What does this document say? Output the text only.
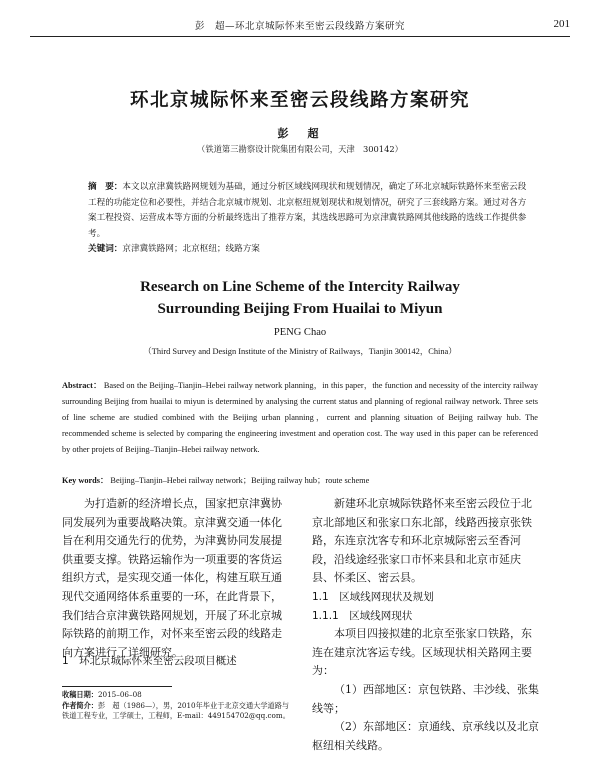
彭　超—环北京城际怀来至密云段线路方案研究	201
环北京城际怀来至密云段线路方案研究
彭　超
（铁道第三勘察设计院集团有限公司，天津　300142）
摘　要：本文以京津冀铁路网规划为基础，通过分析区域线网现状和规划情况，确定了环北京城际铁路怀来至密云段工程的功能定位和必要性，并结合北京城市规划、北京枢纽规划现状和规划情况，研究了三套线路方案。通过对各方案工程投资、运营成本等方面的分析最终选出了推荐方案，其选线思路可为京津冀铁路网其他线路的选线工作提供参考。
关键词：京津冀铁路网；北京枢纽；线路方案
Research on Line Scheme of the Intercity Railway
Surrounding Beijing From Huailai to Miyun
PENG Chao
（Third Survey and Design Institute of the Ministry of Railways，Tianjin 300142，China）
Abstract： Based on the Beijing–Tianjin–Hebei railway network planning，in this paper，the function and necessity of the intercity railway surrounding Beijing from huailai to miyun is determined by analysing the current status and planning of regional railway network. Three sets of line scheme are studied combined with the Beijing urban planning，current and planning situation of Beijing railway hub. The recommended scheme is selected by comparing the engineering investment and operation cost. The way used in this paper can be referenced by other projets of Beijing–Tianjin–Hebei railway network.
Key words： Beijing–Tianjin–Hebei railway network；Beijing railway hub；route scheme

为打造新的经济增长点，国家把京津冀协同发展列为重要战略决策。京津冀交通一体化旨在利用交通先行的优势，为津冀协同发展提供重要支撑。铁路运输作为一项重要的客货运组织方式，是实现交通一体化，构建互联互通现代交通网络体系重要的一环，在此背景下，我们结合京津冀铁路网规划，开展了环北京城际铁路的前期工作，对怀来至密云段的线路走向方案进行了详细研究。

1　环北京城际怀来至密云段项目概述

新建环北京城际铁路怀来至密云段位于北京北部地区和张家口东北部，线路西接京张铁路，东连京沈客专和环北京城际密云至香河段，沿线途经张家口市怀来县和北京市延庆县、怀柔区、密云县。

1.1　区域线网现状及规划

1.1.1　区域线网现状

本项目四接拟建的北京至张家口铁路，东连在建京沈客运专线。区域现状相关路网主要为：

（1）西部地区：京包铁路、丰沙线、张集线等；

（2）东部地区：京通线、京承线以及北京枢纽相关线路。

收稿日期：2015–06–08
作者简介：彭　超（1986—），男，2010年毕业于北京交通大学道路与铁道工程专业，工学硕士，工程师，E-mail：449154702@qq.com。
